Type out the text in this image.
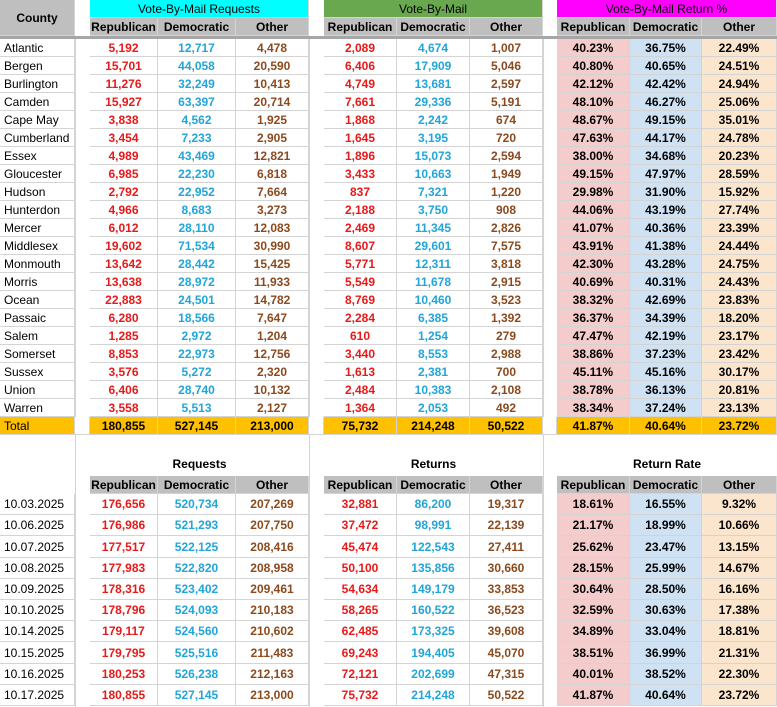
County
Vote-By-Mail Requests
Republican Democratic	Other
Vote-By-Mail
Republican Democratic	Other
Vote-By-Mail Return %
Republican Democratic	Other
Atlantic	5,192	12,717	4,478	2,089	4,674	1,007	40.23%	36.75%	22.49%
Bergen	15,701	44,058	20,590	6,406	17,909	5,046	40.80%	40.65%	24.51%
Burlington	11,276	32,249	10,413	4,749	13,681	2,597	42.12%	42.42%	24.94%
Camden	15,927	63,397	20,714	7,661	29,336	5,191	48.10%	46.27%	25.06%
Cape May	3,838	4,562	1,925	1,868	2,242	674	48.67%	49.15%	35.01%
Cumberland	3,454	7,233	2,905	1,645	3,195	720	47.63%	44.17%	24.78%
Essex	4,989	43,469	12,821	1,896	15,073	2,594	38.00%	34.68%	20.23%
Gloucester	6,985	22,230	6,818	3,433	10,663	1,949	49.15%	47.97%	28.59%
Hudson	2,792	22,952	7,664	837	7,321	1,220	29.98%	31.90%	15.92%
Hunterdon	4,966	8,683	3,273	2,188	3,750	908	44.06%	43.19%	27.74%
Mercer	6,012	28,110	12,083	2,469	11,345	2,826	41.07%	40.36%	23.39%
Middlesex	19,602	71,534	30,990	8,607	29,601	7,575	43.91%	41.38%	24.44%
Monmouth	13,642	28,442	15,425	5,771	12,311	3,818	42.30%	43.28%	24.75%
Morris	13,638	28,972	11,933	5,549	11,678	2,915	40.69%	40.31%	24.43%
Ocean	22,883	24,501	14,782	8,769	10,460	3,523	38.32%	42.69%	23.83%
Passaic	6,280	18,566	7,647	2,284	6,385	1,392	36.37%	34.39%	18.20%
Salem	1,285	2,972	1,204	610	1,254	279	47.47%	42.19%	23.17%
Somerset	8,853	22,973	12,756	3,440	8,553	2,988	38.86%	37.23%	23.42%
Sussex	3,576	5,272	2,320	1,613	2,381	700	45.11%	45.16%	30.17%
Union	6,406	28,740	10,132	2,484	10,383	2,108	38.78%	36.13%	20.81%
Warren	3,558	5,513	2,127	1,364	2,053	492	38.34%	37.24%	23.13%
Total	180,855	527,145	213,000	75,732	214,248	50,522	41.87%	40.64%	23.72%
Requests
Republican Democratic	Other
Returns
Republican Democratic	Other
Return Rate
Republican Democratic	Other
10.03.2025	176,656	520,734	207,269	32,881	86,200	19,317	18.61%	16.55%	9.32%
10.06.2025	176,986	521,293	207,750	37,472	98,991	22,139	21.17%	18.99%	10.66%
10.07.2025	177,517	522,125	208,416	45,474	122,543	27,411	25.62%	23.47%	13.15%
10.08.2025	177,983	522,820	208,958	50,100	135,856	30,660	28.15%	25.99%	14.67%
10.09.2025	178,316	523,402	209,461	54,634	149,179	33,853	30.64%	28.50%	16.16%
10.10.2025	178,796	524,093	210,183	58,265	160,522	36,523	32.59%	30.63%	17.38%
10.14.2025	179,117	524,560	210,602	62,485	173,325	39,608	34.89%	33.04%	18.81%
10.15.2025	179,795	525,516	211,483	69,243	194,405	45,070	38.51%	36.99%	21.31%
10.16.2025	180,253	526,238	212,163	72,121	202,699	47,315	40.01%	38.52%	22.30%
10.17.2025	180,855	527,145	213,000	75,732	214,248	50,522	41.87%	40.64%	23.72%
